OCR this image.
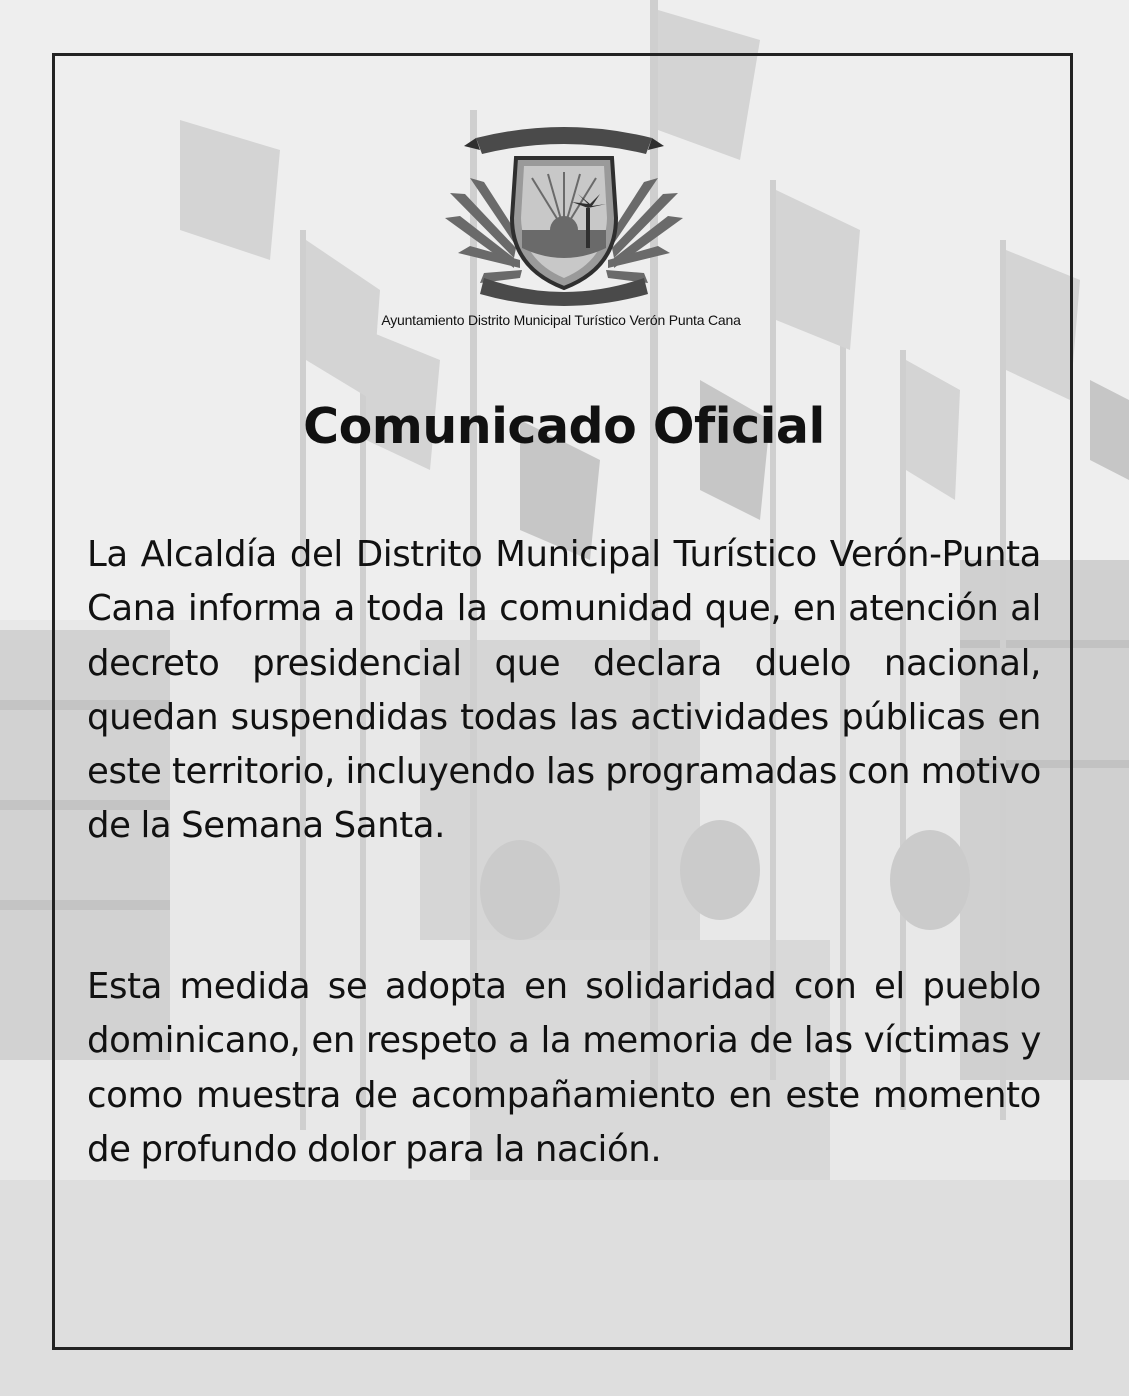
Ayuntamiento Distrito Municipal Turístico Verón Punta Cana
Comunicado Oficial

La Alcaldía del Distrito Municipal Turístico Verón-Punta Cana informa a toda la comunidad que, en atención al decreto presidencial que declara duelo nacional, quedan suspendidas todas las actividades públicas en este territorio, incluyendo las programadas con motivo de la Semana Santa.

Esta medida se adopta en solidaridad con el pueblo dominicano, en respeto a la memoria de las víctimas y como muestra de acompañamiento en este momento de profundo dolor para la nación.
